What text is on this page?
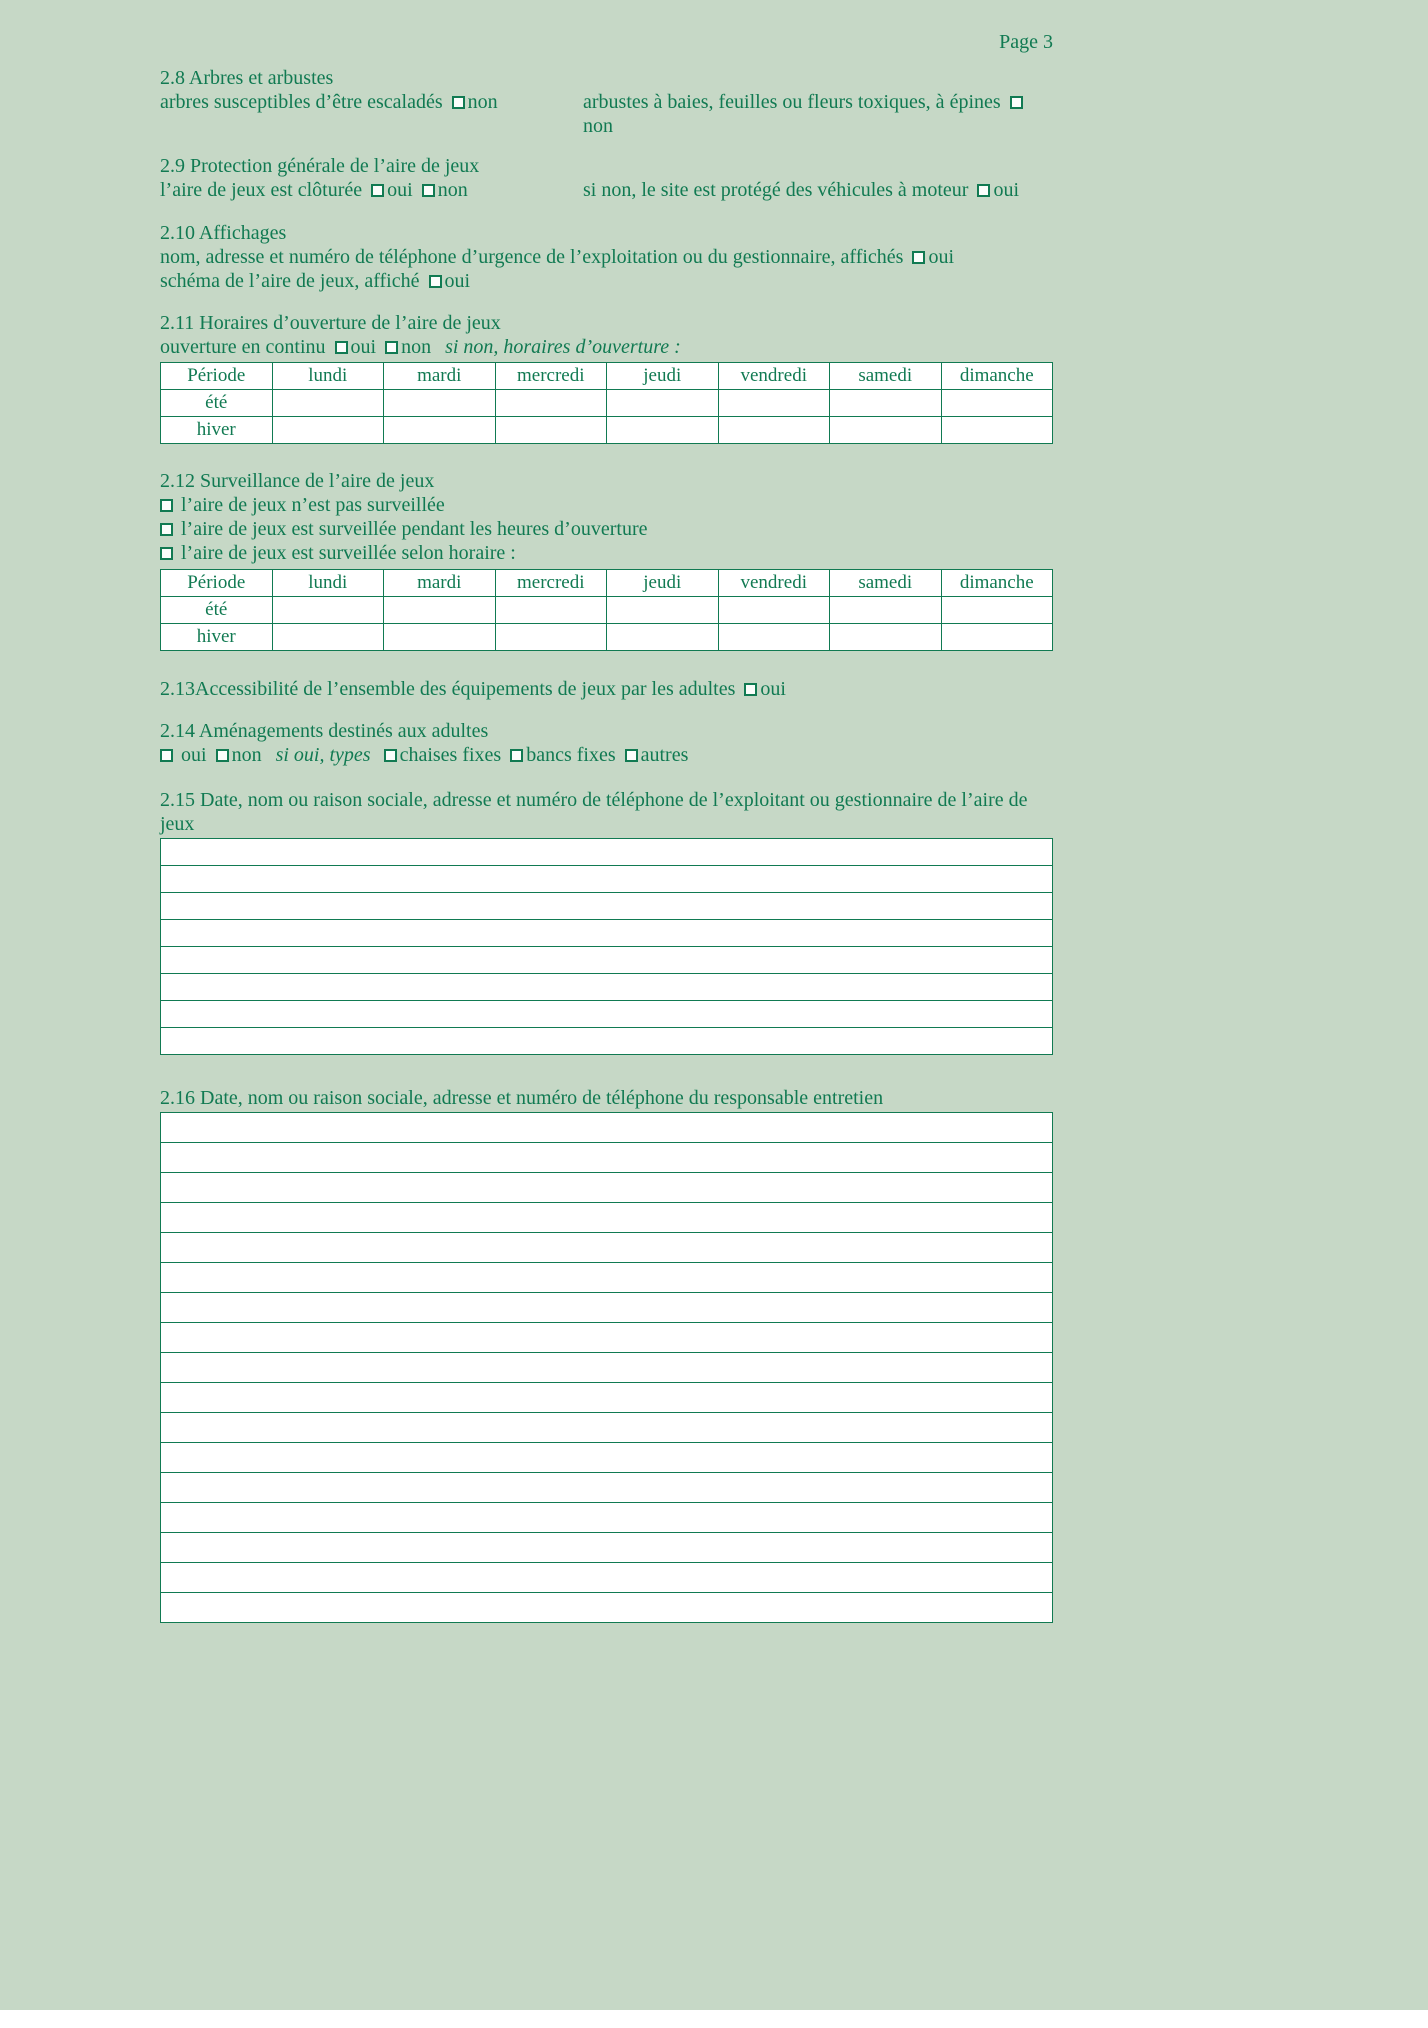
Page 3
2.8 Arbres et arbustes
arbres susceptibles d’être escaladés non	arbustes à baies, feuilles ou fleurs toxiques, à épinesnon
2.9 Protection générale de l’aire de jeux
l’aire de jeux est clôturée oui non	si non, le site est protégé des véhicules à moteur oui
2.10 Affichages
nom, adresse et numéro de téléphone d’urgence de l’exploitation ou du gestionnaire, affichés oui
schéma de l’aire de jeux, affiché oui
2.11 Horaires d’ouverture de l’aire de jeux
ouverture en continu oui non si non, horaires d’ouverture :
Période	lundi	mardi	mercredi	jeudi	vendredi	samedi	dimanche
été							
hiver							
2.12 Surveillance de l’aire de jeux
l’aire de jeux n’est pas surveillée
l’aire de jeux est surveillée pendant les heures d’ouverture
l’aire de jeux est surveillée selon horaire :
Période	lundi	mardi	mercredi	jeudi	vendredi	samedi	dimanche
été							
hiver							
2.13Accessibilité de l’ensemble des équipements de jeux par les adultes oui
2.14 Aménagements destinés aux adultes
oui non si oui, types chaises fixes bancs fixes autres
2.15 Date, nom ou raison sociale, adresse et numéro de téléphone de l’exploitant ou gestionnaire de l’aire de jeux
2.16 Date, nom ou raison sociale, adresse et numéro de téléphone du responsable entretien
